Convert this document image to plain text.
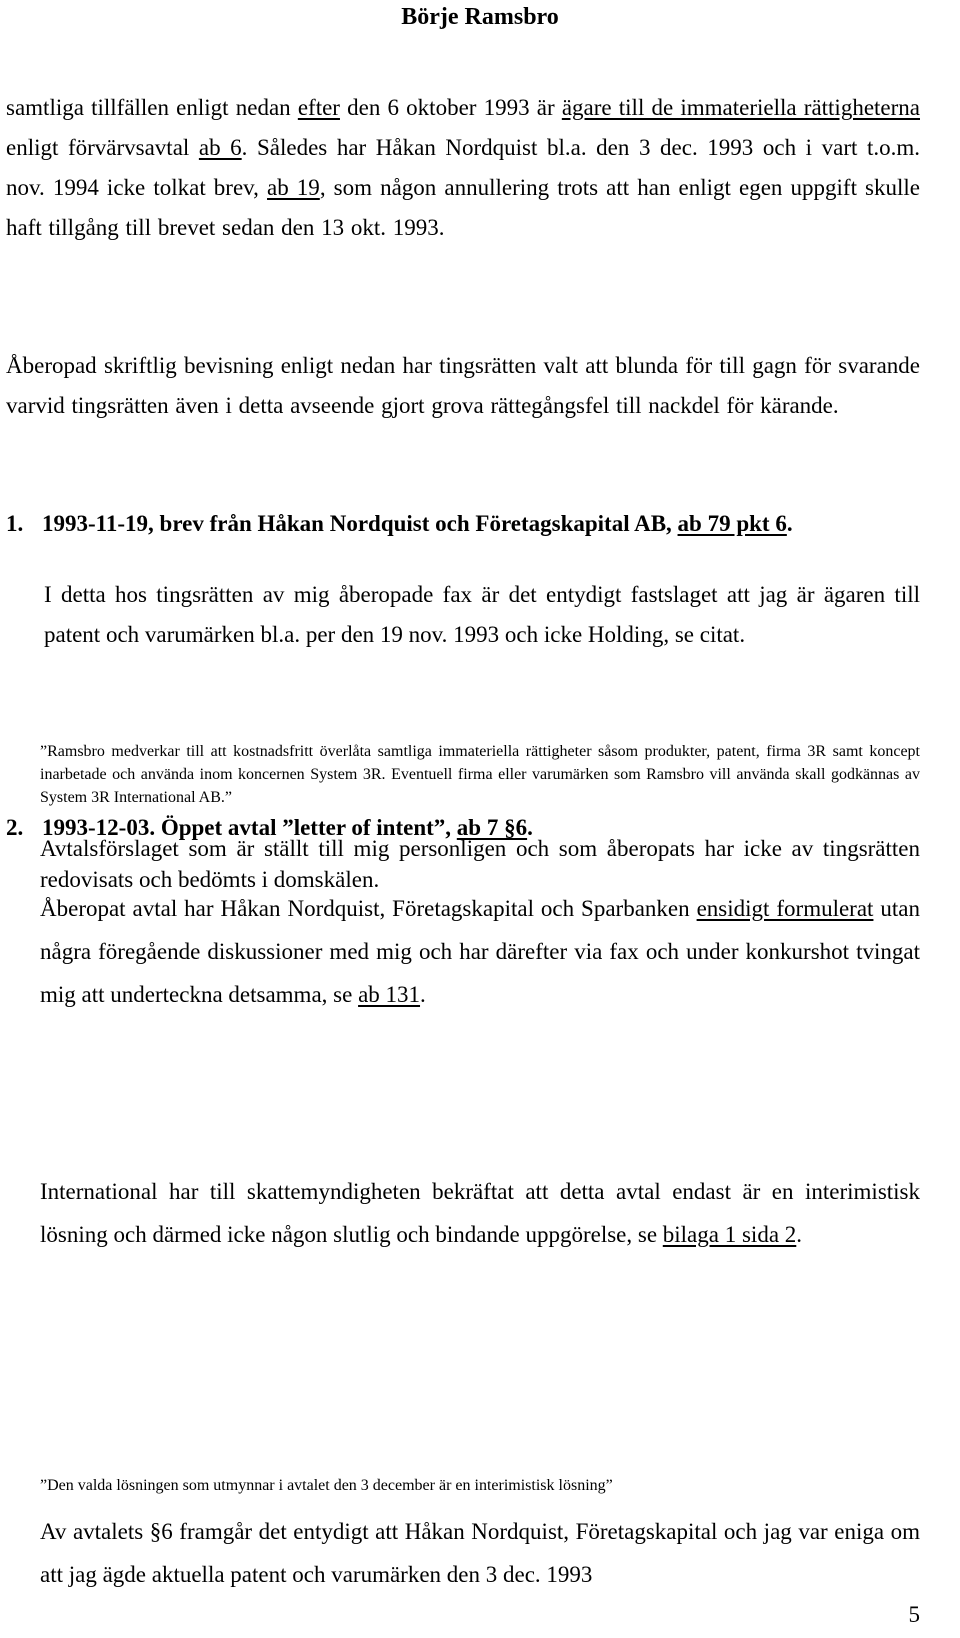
Börje Ramsbro
samtliga tillfällen enligt nedan efter den 6 oktober 1993 är ägare till de immateriella rättigheterna enligt förvärvsavtal ab 6. Således har Håkan Nordquist bl.a. den 3 dec. 1993 och i vart t.o.m. nov. 1994 icke tolkat brev, ab 19, som någon annullering trots att han enligt egen uppgift skulle haft tillgång till brevet sedan den 13 okt. 1993.
Åberopad skriftlig bevisning enligt nedan har tingsrätten valt att blunda för till gagn för svarande varvid tingsrätten även i detta avseende gjort grova rättegångsfel till nackdel för kärande.
1. 1993-11-19, brev från Håkan Nordquist och Företagskapital AB, ab 79 pkt 6.
I detta hos tingsrätten av mig åberopade fax är det entydigt fastslaget att jag är ägaren till patent och varumärken bl.a. per den 19 nov. 1993 och icke Holding, se citat.
”Ramsbro medverkar till att kostnadsfritt överlåta samtliga immateriella rättigheter såsom produkter, patent, firma 3R samt koncept inarbetade och använda inom koncernen System 3R. Eventuell firma eller varumärken som Ramsbro vill använda skall godkännas av System 3R International AB.”
Avtalsförslaget som är ställt till mig personligen och som åberopats har icke av tingsrätten redovisats och bedömts i domskälen.
2. 1993-12-03. Öppet avtal ”letter of intent”, ab 7 §6.
Åberopat avtal har Håkan Nordquist, Företagskapital och Sparbanken ensidigt formulerat utan några föregående diskussioner med mig och har därefter via fax och under konkurshot tvingat mig att underteckna detsamma, se ab 131.
International har till skattemyndigheten bekräftat att detta avtal endast är en interimistisk lösning och därmed icke någon slutlig och bindande uppgörelse, se bilaga 1 sida 2.
”Den valda lösningen som utmynnar i avtalet den 3 december är en interimistisk lösning”
Av avtalets §6 framgår det entydigt att Håkan Nordquist, Företagskapital och jag var eniga om att jag ägde aktuella patent och varumärken den 3 dec. 1993
5
